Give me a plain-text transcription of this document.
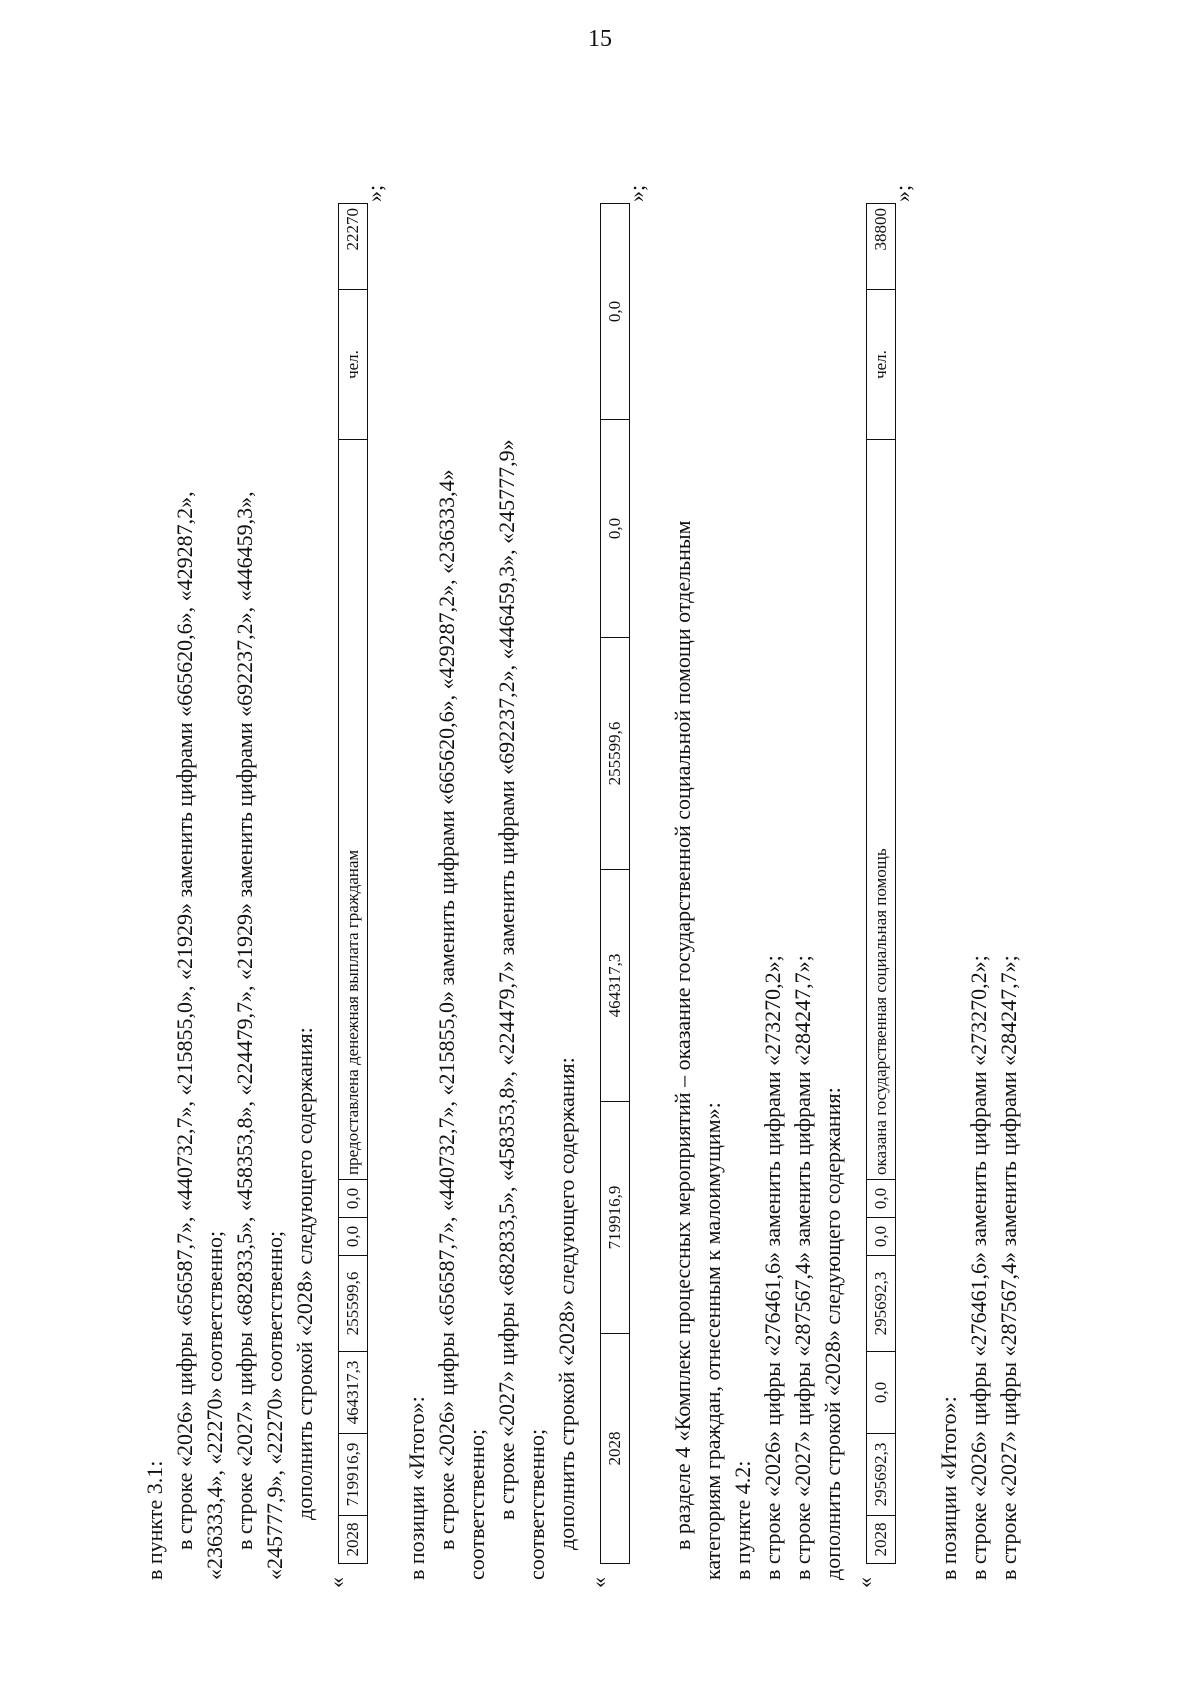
15
в пункте 3.1: в строке «2026» цифры «656587,7», «440732,7», «215855,0», «21929» заменить цифрами «665620,6», «429287,2», «236333,4», «22270» соответственно; в строке «2027» цифры «682833,5», «458353,8», «224479,7», «21929» заменить цифрами «692237,2», «446459,3», «245777,9», «22270» соответственно; дополнить строкой «2028» следующего содержания:
«
2028	719916,9	464317,3	255599,6	0,0	0,0	предоставлена денежная выплата гражданам	чел.	22270
»;
в позиции «Итого»: в строке «2026» цифры «656587,7», «440732,7», «215855,0» заменить цифрами «665620,6», «429287,2», «236333,4» соответственно; в строке «2027» цифры «682833,5», «458353,8», «224479,7» заменить цифрами «692237,2», «446459,3», «245777,9» соответственно; дополнить строкой «2028» следующего содержания:
«
2028	719916,9	464317,3	255599,6	0,0	0,0
»;
в разделе 4 «Комплекс процессных мероприятий – оказание государственной социальной помощи отдельным категориям граждан, отнесенным к малоимущим»: в пункте 4.2: в строке «2026» цифры «276461,6» заменить цифрами «273270,2»; в строке «2027» цифры «287567,4» заменить цифрами «284247,7»; дополнить строкой «2028» следующего содержания:
«
2028	295692,3	0,0	295692,3	0,0	0,0	оказана государственная социальная помощь	чел.	38800
»;
в позиции «Итого»: в строке «2026» цифры «276461,6» заменить цифрами «273270,2»; в строке «2027» цифры «287567,4» заменить цифрами «284247,7»;
